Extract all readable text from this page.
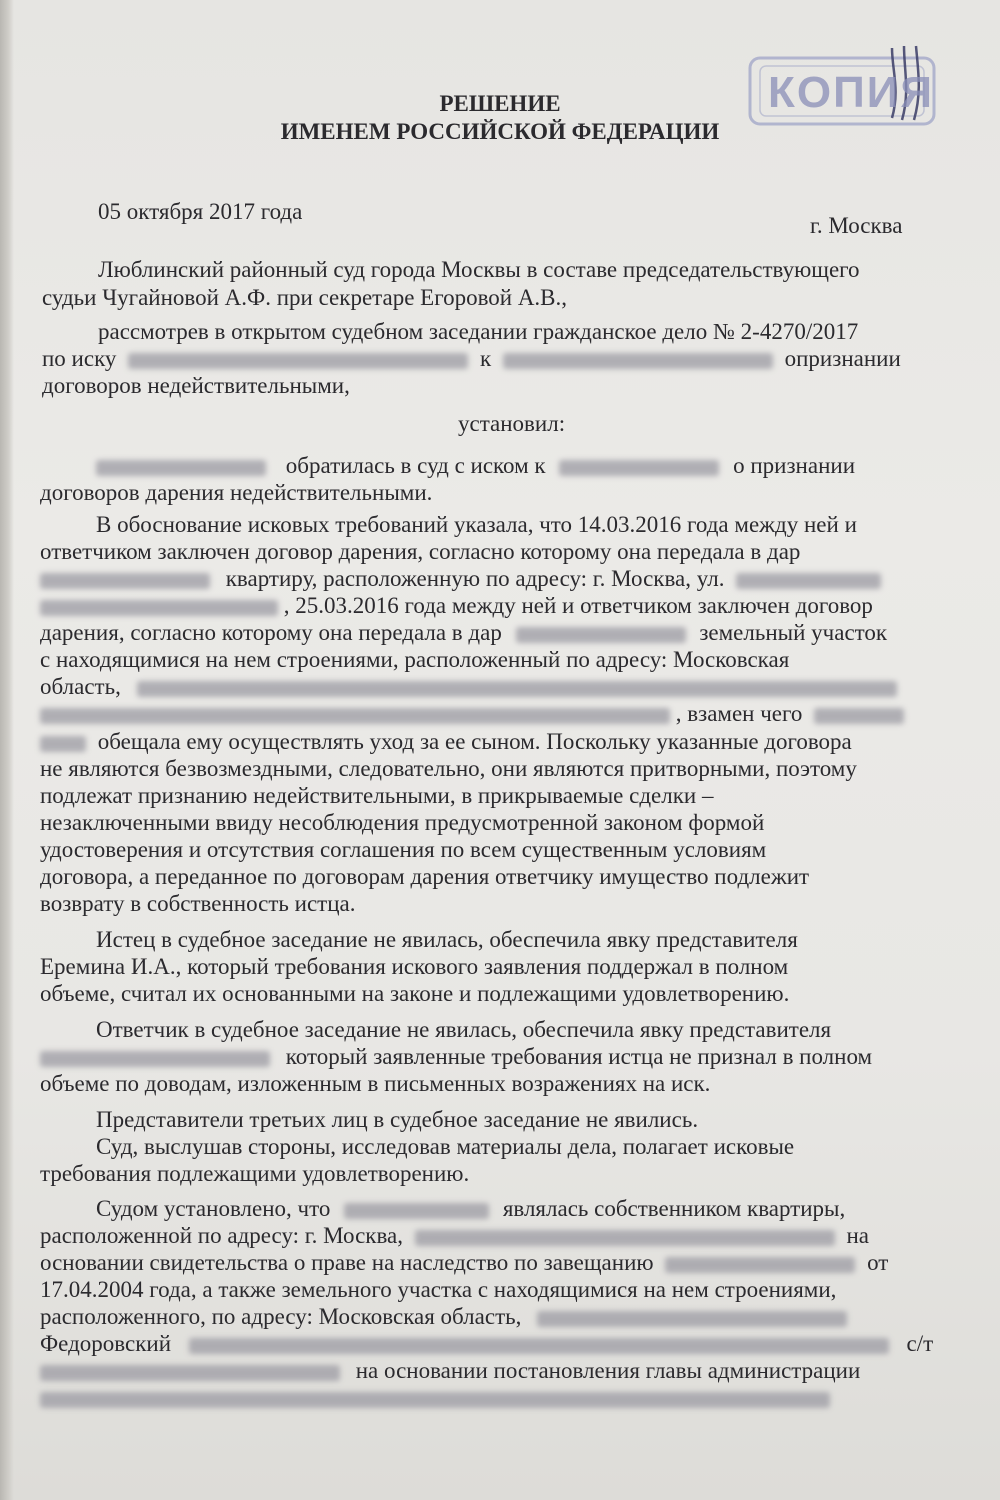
КОПИЯ
РЕШЕНИЕ
ИМЕНЕМ РОССИЙСКОЙ ФЕДЕРАЦИИ
05 октября 2017 года
г. Москва
Люблинский районный суд города Москвы в составе председательствующего
судьи Чугайновой А.Ф. при секретаре Егоровой А.В.,
рассмотрев в открытом судебном заседании гражданское дело № 2-4270/2017
по иску	к	опризнании
договоров недействительными,
установил:
обратилась в суд с иском к	о признании
договоров дарения недействительными.
В обоснование исковых требований указала, что 14.03.2016 года между ней и
ответчиком заключен договор дарения, согласно которому она передала в дар
квартиру, расположенную по адресу: г. Москва, ул.
, 25.03.2016 года между ней и ответчиком заключен договор
дарения, согласно которому она передала в дар	земельный участок
с находящимися на нем строениями, расположенный по адресу: Московская
область,
, взамен чего
обещала ему осуществлять уход за ее сыном. Поскольку указанные договора
не являются безвозмездными, следовательно, они являются притворными, поэтому
подлежат признанию недействительными, в прикрываемые сделки –
незаключенными ввиду несоблюдения предусмотренной законом формой
удостоверения и отсутствия соглашения по всем существенным условиям
договора, а переданное по договорам дарения ответчику имущество подлежит
возврату в собственность истца.
Истец в судебное заседание не явилась, обеспечила явку представителя
Еремина И.А., который требования искового заявления поддержал в полном
объеме, считал их основанными на законе и подлежащими удовлетворению.
Ответчик в судебное заседание не явилась, обеспечила явку представителя
который заявленные требования истца не признал в полном
объеме по доводам, изложенным в письменных возражениях на иск.
Представители третьих лиц в судебное заседание не явились.
Суд, выслушав стороны, исследовав материалы дела, полагает исковые
требования подлежащими удовлетворению.
Судом установлено, что	являлась собственником квартиры,
расположенной по адресу: г. Москва,	на
основании свидетельства о праве на наследство по завещанию	от
17.04.2004 года, а также земельного участка с находящимися на нем строениями,
расположенного, по адресу: Московская область,
Федоровский	с/т
на основании постановления главы администрации
